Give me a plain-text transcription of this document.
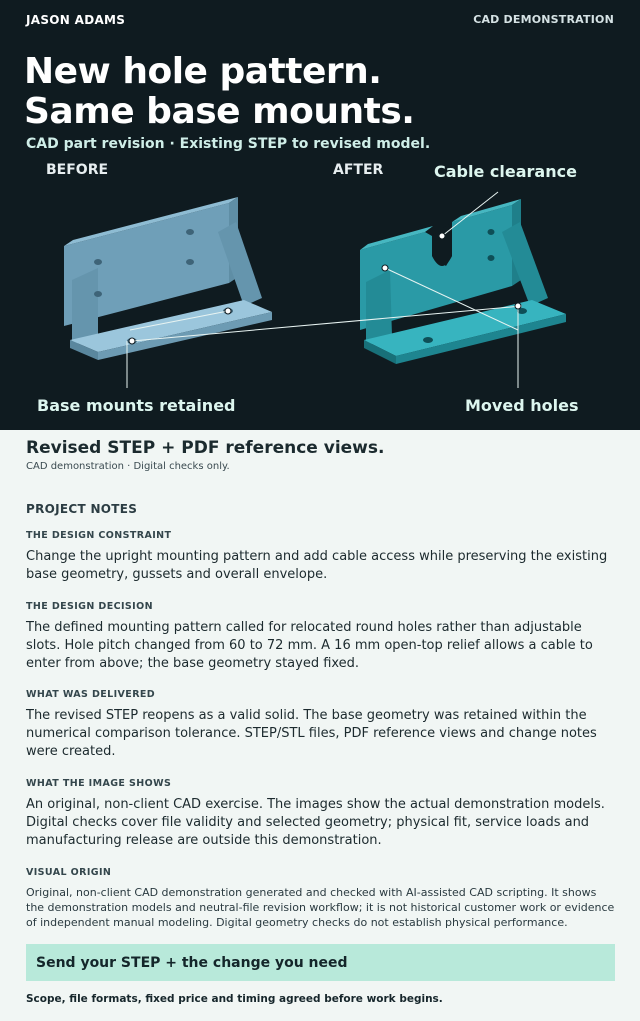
JASON ADAMS	CAD DEMONSTRATION
New hole pattern.
Same base mounts.
CAD part revision · Existing STEP to revised model.
BEFORE	AFTER	Cable clearance
Base mounts retained	Moved holes
Revised STEP + PDF reference views.
CAD demonstration · Digital checks only.
PROJECT NOTES
THE DESIGN CONSTRAINT
Change the upright mounting pattern and add cable access while preserving the existing base geometry, gussets and overall envelope.
THE DESIGN DECISION
The defined mounting pattern called for relocated round holes rather than adjustable slots. Hole pitch changed from 60 to 72 mm. A 16 mm open-top relief allows a cable to enter from above; the base geometry stayed fixed.
WHAT WAS DELIVERED
The revised STEP reopens as a valid solid. The base geometry was retained within the numerical comparison tolerance. STEP/STL files, PDF reference views and change notes were created.
WHAT THE IMAGE SHOWS
An original, non-client CAD exercise. The images show the actual demonstration models. Digital checks cover file validity and selected geometry; physical fit, service loads and manufacturing release are outside this demonstration.
VISUAL ORIGIN
Original, non-client CAD demonstration generated and checked with AI-assisted CAD scripting. It shows the demonstration models and neutral-file revision workflow; it is not historical customer work or evidence of independent manual modeling. Digital geometry checks do not establish physical performance.
Send your STEP + the change you need
Scope, file formats, fixed price and timing agreed before work begins.
